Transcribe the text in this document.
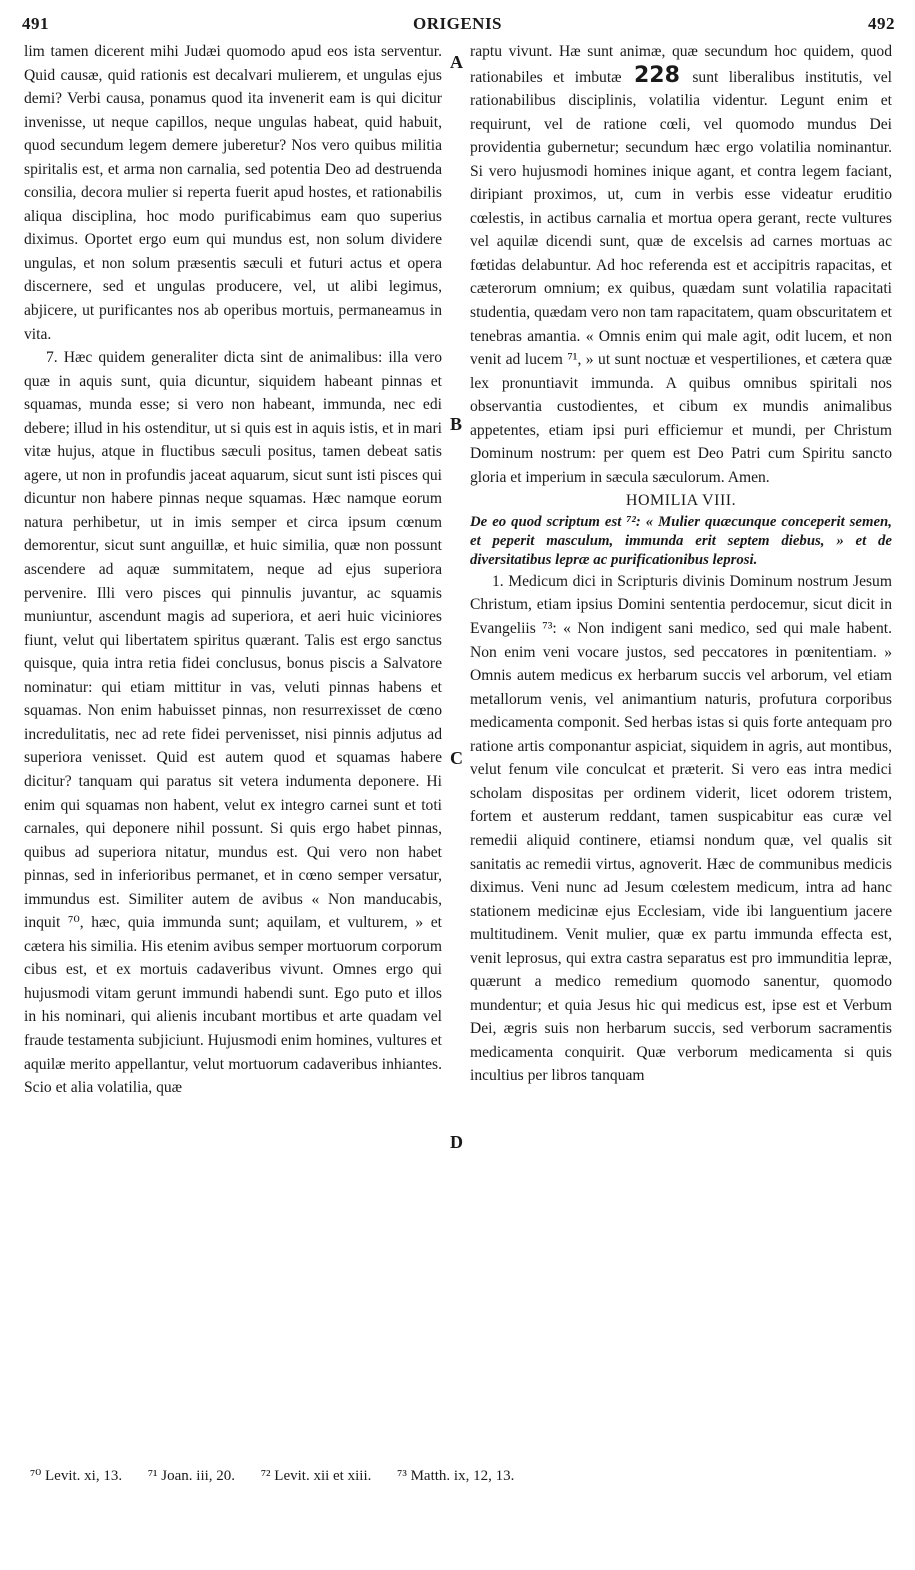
491	ORIGENIS	492
A
B
C
D

lim tamen dicerent mihi Judæi quomodo apud eos ista serventur. Quid causæ, quid rationis est decalvari mulierem, et ungulas ejus demi? Verbi causa, ponamus quod ita invenerit eam is qui dicitur invenisse, ut neque capillos, neque ungulas habeat, quid habuit, quod secundum legem demere juberetur? Nos vero quibus militia spiritalis est, et arma non carnalia, sed potentia Deo ad destruenda consilia, decora mulier si reperta fuerit apud hostes, et rationabilis aliqua disciplina, hoc modo purificabimus eam quo superius diximus. Oportet ergo eum qui mundus est, non solum dividere ungulas, et non solum præsentis sæculi et futuri actus et opera discernere, sed et ungulas producere, vel, ut alibi legimus, abjicere, ut purificantes nos ab operibus mortuis, permaneamus in vita.

7. Hæc quidem generaliter dicta sint de animalibus: illa vero quæ in aquis sunt, quia dicuntur, siquidem habeant pinnas et squamas, munda esse; si vero non habeant, immunda, nec edi debere; illud in his ostenditur, ut si quis est in aquis istis, et in mari vitæ hujus, atque in fluctibus sæculi positus, tamen debeat satis agere, ut non in profundis jaceat aquarum, sicut sunt isti pisces qui dicuntur non habere pinnas neque squamas. Hæc namque eorum natura perhibetur, ut in imis semper et circa ipsum cœnum demorentur, sicut sunt anguillæ, et huic similia, quæ non possunt ascendere ad aquæ summitatem, neque ad ejus superiora pervenire. Illi vero pisces qui pinnulis juvantur, ac squamis muniuntur, ascendunt magis ad superiora, et aeri huic viciniores fiunt, velut qui libertatem spiritus quærant. Talis est ergo sanctus quisque, quia intra retia fidei conclusus, bonus piscis a Salvatore nominatur: qui etiam mittitur in vas, veluti pinnas habens et squamas. Non enim habuisset pinnas, non resurrexisset de cœno incredulitatis, nec ad rete fidei pervenisset, nisi pinnis adjutus ad superiora venisset. Quid est autem quod et squamas habere dicitur? tanquam qui paratus sit vetera indumenta deponere. Hi enim qui squamas non habent, velut ex integro carnei sunt et toti carnales, qui deponere nihil possunt. Si quis ergo habet pinnas, quibus ad superiora nitatur, mundus est. Qui vero non habet pinnas, sed in inferioribus permanet, et in cœno semper versatur, immundus est. Similiter autem de avibus « Non manducabis, inquit ⁷⁰, hæc, quia immunda sunt; aquilam, et vulturem, » et cætera his similia. His etenim avibus semper mortuorum corporum cibus est, et ex mortuis cadaveribus vivunt. Omnes ergo qui hujusmodi vitam gerunt immundi habendi sunt. Ego puto et illos in his nominari, qui alienis incubant mortibus et arte quadam vel fraude testamenta subjiciunt. Hujusmodi enim homines, vultures et aquilæ merito appellantur, velut mortuorum cadaveribus inhiantes. Scio et alia volatilia, quæ

raptu vivunt. Hæ sunt animæ, quæ secundum hoc quidem, quod rationabiles et imbutæ 228 sunt liberalibus institutis, vel rationabilibus disciplinis, volatilia videntur. Legunt enim et requirunt, vel de ratione cœli, vel quomodo mundus Dei providentia gubernetur; secundum hæc ergo volatilia nominantur. Si vero hujusmodi homines inique agant, et contra legem faciant, diripiant proximos, ut, cum in verbis esse videatur eruditio cœlestis, in actibus carnalia et mortua opera gerant, recte vultures vel aquilæ dicendi sunt, quæ de excelsis ad carnes mortuas ac fœtidas delabuntur. Ad hoc referenda est et accipitris rapacitas, et cæterorum omnium; ex quibus, quædam sunt volatilia rapacitati studentia, quædam vero non tam rapacitatem, quam obscuritatem et tenebras amantia. « Omnis enim qui male agit, odit lucem, et non venit ad lucem ⁷¹, » ut sunt noctuæ et vespertiliones, et cætera quæ lex pronuntiavit immunda. A quibus omnibus spiritali nos observantia custodientes, et cibum ex mundis animalibus appetentes, etiam ipsi puri efficiemur et mundi, per Christum Dominum nostrum: per quem est Deo Patri cum Spiritu sancto gloria et imperium in sæcula sæculorum. Amen.

HOMILIA VIII.

De eo quod scriptum est ⁷²: « Mulier quæcunque conceperit semen, et peperit masculum, immunda erit septem diebus, » et de diversitatibus lepræ ac purificationibus leprosi.

1. Medicum dici in Scripturis divinis Dominum nostrum Jesum Christum, etiam ipsius Domini sententia perdocemur, sicut dicit in Evangeliis ⁷³: « Non indigent sani medico, sed qui male habent. Non enim veni vocare justos, sed peccatores in pœnitentiam. » Omnis autem medicus ex herbarum succis vel arborum, vel etiam metallorum venis, vel animantium naturis, profutura corporibus medicamenta componit. Sed herbas istas si quis forte antequam pro ratione artis componantur aspiciat, siquidem in agris, aut montibus, velut fenum vile conculcat et præterit. Si vero eas intra medici scholam dispositas per ordinem viderit, licet odorem tristem, fortem et austerum reddant, tamen suspicabitur eas curæ vel remedii aliquid continere, etiamsi nondum quæ, vel qualis sit sanitatis ac remedii virtus, agnoverit. Hæc de communibus medicis diximus. Veni nunc ad Jesum cœlestem medicum, intra ad hanc stationem medicinæ ejus Ecclesiam, vide ibi languentium jacere multitudinem. Venit mulier, quæ ex partu immunda effecta est, venit leprosus, qui extra castra separatus est pro immunditia lepræ, quærunt a medico remedium quomodo sanentur, quomodo mundentur; et quia Jesus hic qui medicus est, ipse est et Verbum Dei, ægris suis non herbarum succis, sed verborum sacramentis medicamenta conquirit. Quæ verborum medicamenta si quis incultius per libros tanquam

⁷⁰ Levit. xi, 13. ⁷¹ Joan. iii, 20. ⁷² Levit. xii et xiii. ⁷³ Matth. ix, 12, 13.
